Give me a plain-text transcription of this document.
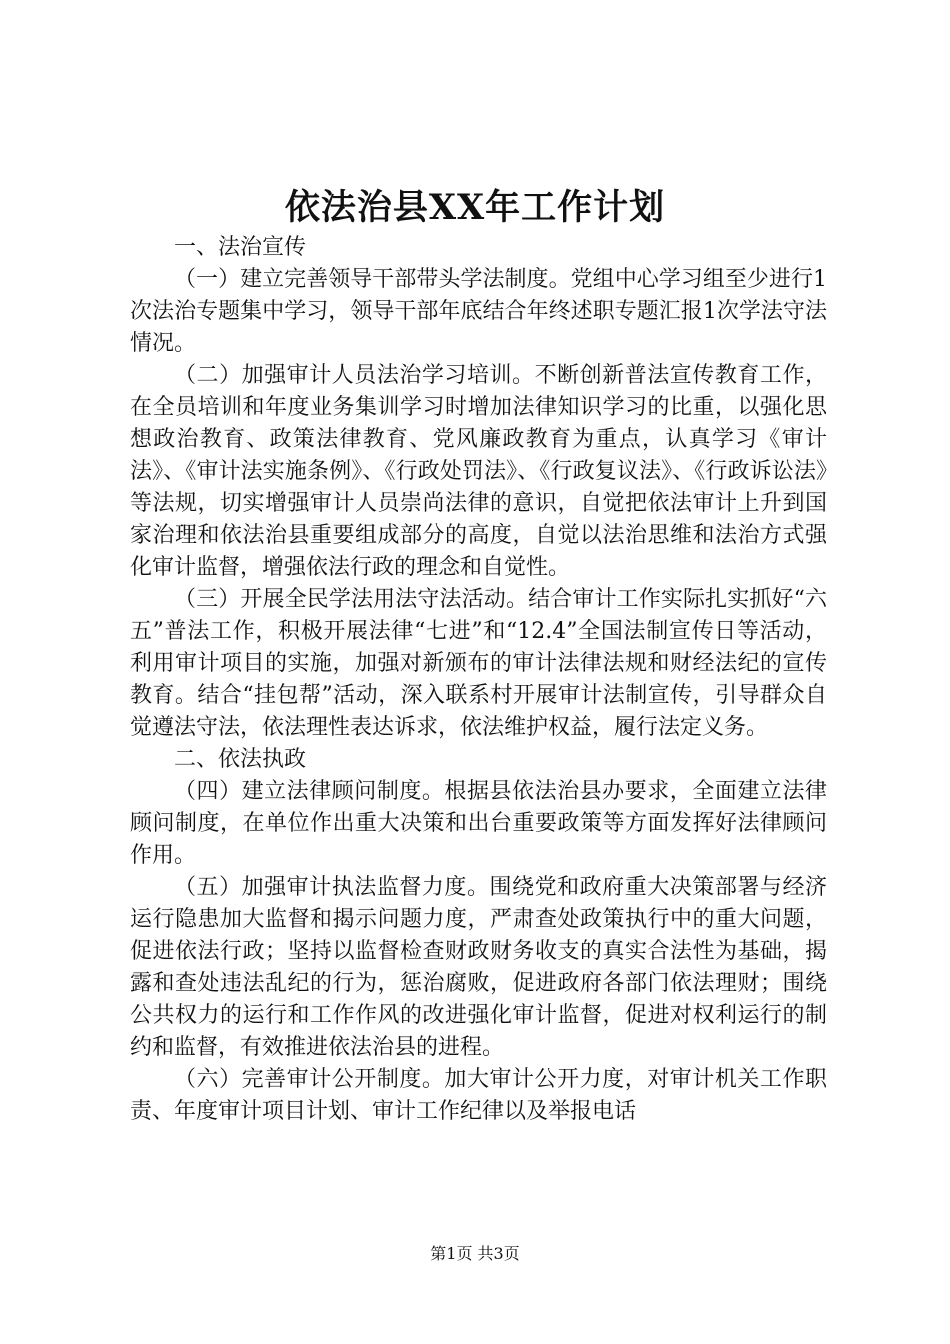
依法治县XX年工作计划

一、法治宣传

（一）建立完善领导干部带头学法制度。党组中心学习组至少进行1次法治专题集中学习，领导干部年底结合年终述职专题汇报1次学法守法情况。

（二）加强审计人员法治学习培训。不断创新普法宣传教育工作，在全员培训和年度业务集训学习时增加法律知识学习的比重，以强化思想政治教育、政策法律教育、党风廉政教育为重点，认真学习《审计法》、《审计法实施条例》、《行政处罚法》、《行政复议法》、《行政诉讼法》等法规，切实增强审计人员崇尚法律的意识，自觉把依法审计上升到国家治理和依法治县重要组成部分的高度，自觉以法治思维和法治方式强化审计监督，增强依法行政的理念和自觉性。

（三）开展全民学法用法守法活动。结合审计工作实际扎实抓好“六五”普法工作，积极开展法律“七进”和“12.4”全国法制宣传日等活动，利用审计项目的实施，加强对新颁布的审计法律法规和财经法纪的宣传教育。结合“挂包帮”活动，深入联系村开展审计法制宣传，引导群众自觉遵法守法，依法理性表达诉求，依法维护权益，履行法定义务。

二、依法执政

（四）建立法律顾问制度。根据县依法治县办要求，全面建立法律顾问制度，在单位作出重大决策和出台重要政策等方面发挥好法律顾问作用。

（五）加强审计执法监督力度。围绕党和政府重大决策部署与经济运行隐患加大监督和揭示问题力度，严肃查处政策执行中的重大问题，促进依法行政；坚持以监督检查财政财务收支的真实合法性为基础，揭露和查处违法乱纪的行为，惩治腐败，促进政府各部门依法理财；围绕公共权力的运行和工作作风的改进强化审计监督，促进对权利运行的制约和监督，有效推进依法治县的进程。

（六）完善审计公开制度。加大审计公开力度，对审计机关工作职责、年度审计项目计划、审计工作纪律以及举报电话

第1页 共3页
